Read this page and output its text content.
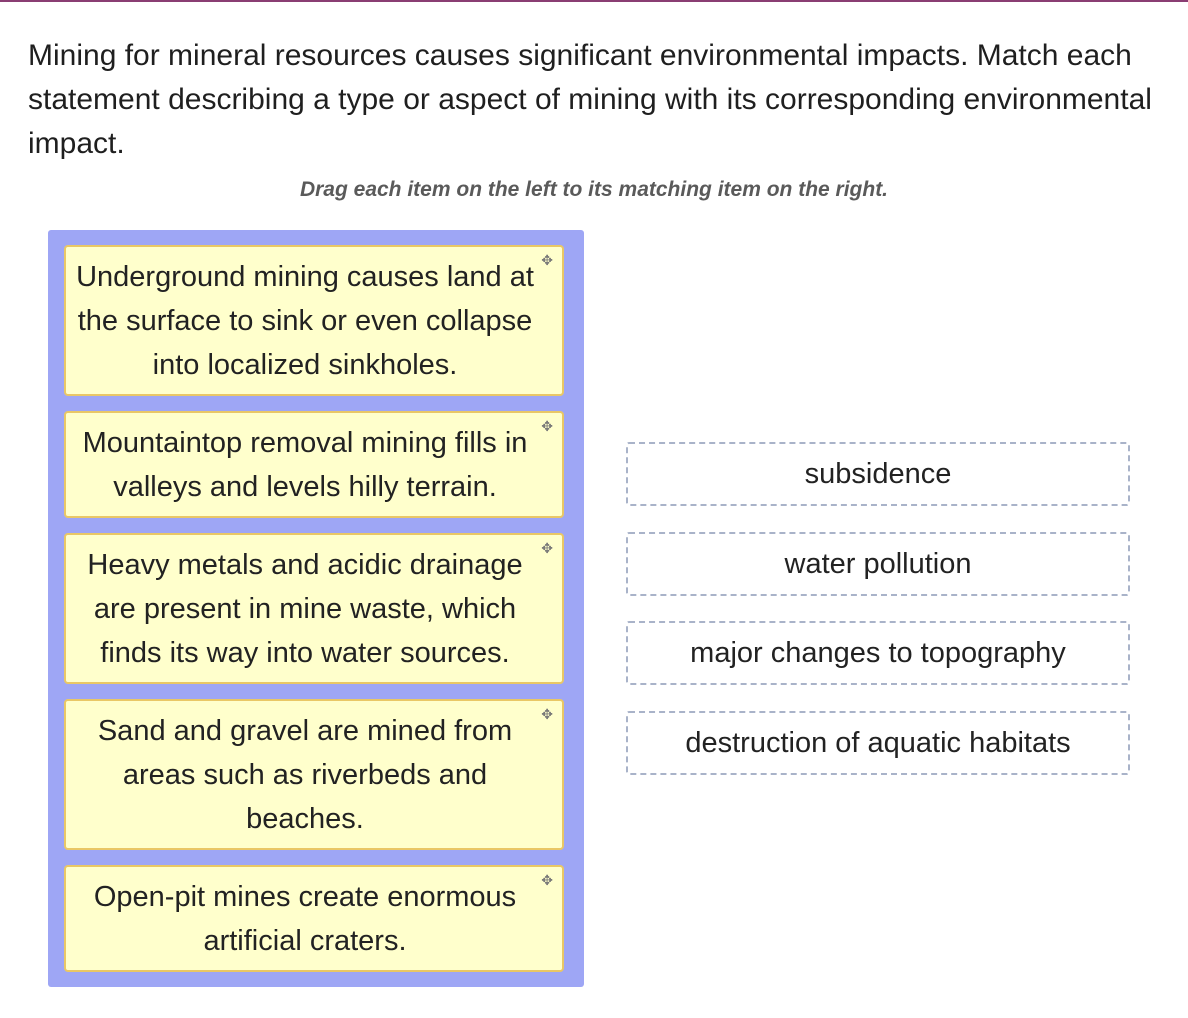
Mining for mineral resources causes significant environmental impacts. Match each statement describing a type or aspect of mining with its corresponding environmental impact.

Drag each item on the left to its matching item on the right.
Underground mining causes land at the surface to sink or even collapse into localized sinkholes.
✥
Mountaintop removal mining fills in valleys and levels hilly terrain.
✥
Heavy metals and acidic drainage are present in mine waste, which finds its way into water sources.
✥
Sand and gravel are mined from areas such as riverbeds and beaches.
✥
Open-pit mines create enormous artificial craters.
✥
subsidence
water pollution
major changes to topography
destruction of aquatic habitats
